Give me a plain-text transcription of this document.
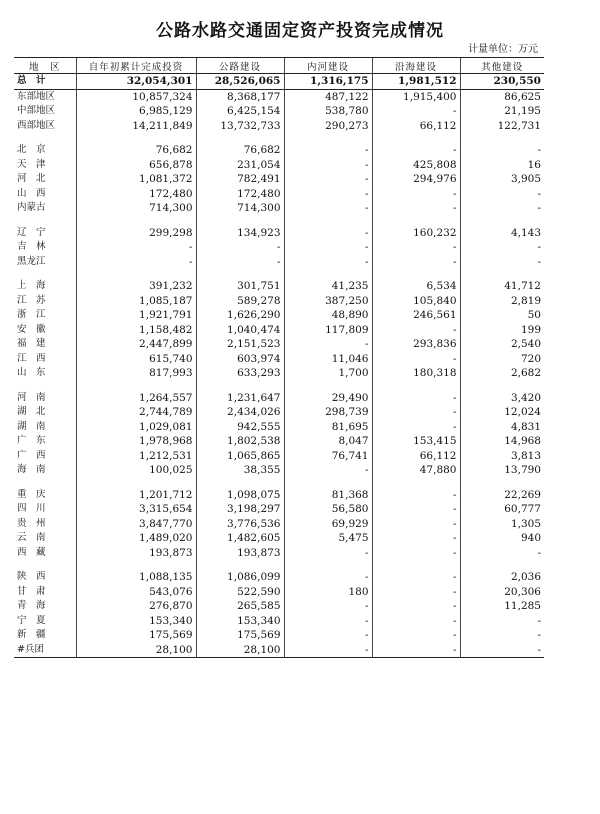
公路水路交通固定资产投资完成情况
计量单位：万元
地　区	自年初累计完成投资	公路建设	内河建设	沿海建设	其他建设
总　计	32,054,301	28,526,065	1,316,175	1,981,512	230,550
东部地区	10,857,324	8,368,177	487,122	1,915,400	86,625
中部地区	6,985,129	6,425,154	538,780	-	21,195
西部地区	14,211,849	13,732,733	290,273	66,112	122,731

北　京	76,682	76,682	-	-	-
天　津	656,878	231,054	-	425,808	16
河　北	1,081,372	782,491	-	294,976	3,905
山　西	172,480	172,480	-	-	-
内蒙古	714,300	714,300	-	-	-

辽　宁	299,298	134,923	-	160,232	4,143
吉　林	-	-	-	-	-
黑龙江	-	-	-	-	-

上　海	391,232	301,751	41,235	6,534	41,712
江　苏	1,085,187	589,278	387,250	105,840	2,819
浙　江	1,921,791	1,626,290	48,890	246,561	50
安　徽	1,158,482	1,040,474	117,809	-	199
福　建	2,447,899	2,151,523	-	293,836	2,540
江　西	615,740	603,974	11,046	-	720
山　东	817,993	633,293	1,700	180,318	2,682

河　南	1,264,557	1,231,647	29,490	-	3,420
湖　北	2,744,789	2,434,026	298,739	-	12,024
湖　南	1,029,081	942,555	81,695	-	4,831
广　东	1,978,968	1,802,538	8,047	153,415	14,968
广　西	1,212,531	1,065,865	76,741	66,112	3,813
海　南	100,025	38,355	-	47,880	13,790

重　庆	1,201,712	1,098,075	81,368	-	22,269
四　川	3,315,654	3,198,297	56,580	-	60,777
贵　州	3,847,770	3,776,536	69,929	-	1,305
云　南	1,489,020	1,482,605	5,475	-	940
西　藏	193,873	193,873	-	-	-

陕　西	1,088,135	1,086,099	-	-	2,036
甘　肃	543,076	522,590	180	-	20,306
青　海	276,870	265,585	-	-	11,285
宁　夏	153,340	153,340	-	-	-
新　疆	175,569	175,569	-	-	-
#兵团	28,100	28,100	-	-	-
